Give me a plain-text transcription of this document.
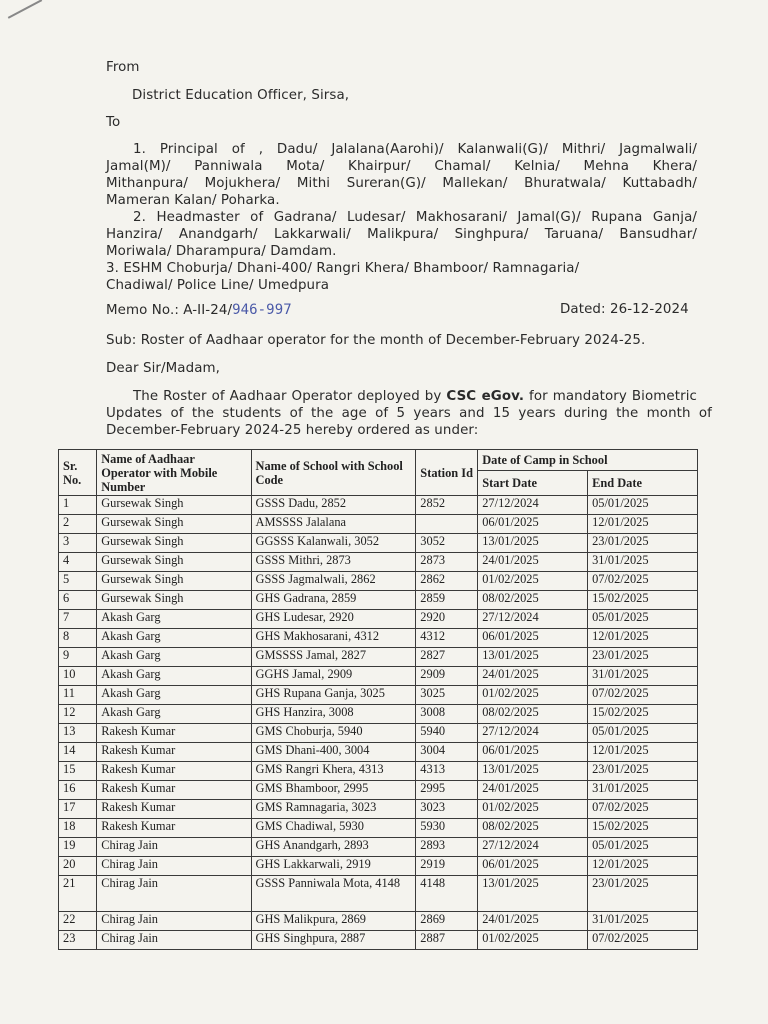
From
District Education Officer, Sirsa,
To
1. Principal of , Dadu/ Jalalana(Aarohi)/ Kalanwali(G)/ Mithri/ Jagmalwali/
Jamal(M)/ Panniwala Mota/ Khairpur/ Chamal/ Kelnia/ Mehna Khera/
Mithanpura/ Mojukhera/ Mithi Sureran(G)/ Mallekan/ Bhuratwala/ Kuttabadh/
Mameran Kalan/ Poharka.
2. Headmaster of Gadrana/ Ludesar/ Makhosarani/ Jamal(G)/ Rupana Ganja/
Hanzira/ Anandgarh/ Lakkarwali/ Malikpura/ Singhpura/ Taruana/ Bansudhar/
Moriwala/ Dharampura/ Damdam.
3. ESHM Choburja/ Dhani-400/ Rangri Khera/ Bhamboor/ Ramnagaria/
Chadiwal/ Police Line/ Umedpura
Memo No.: A-II-24/946-997	Dated: 26-12-2024
Sub: Roster of Aadhaar operator for the month of December-February 2024-25.
Dear Sir/Madam,
The Roster of Aadhaar Operator deployed by CSC eGov. for mandatory Biometric
Updates of the students of the age of 5 years and 15 years during the month of
December-February 2024-25 hereby ordered as under:
Sr. No.	Name of Aadhaar Operator with Mobile Number	Name of School with School Code	Station Id	Date of Camp in School	
				Start Date	End Date
1	Gursewak Singh	GSSS Dadu, 2852	2852	27/12/2024	05/01/2025
2	Gursewak Singh	AMSSSS Jalalana		06/01/2025	12/01/2025
3	Gursewak Singh	GGSSS Kalanwali, 3052	3052	13/01/2025	23/01/2025
4	Gursewak Singh	GSSS Mithri, 2873	2873	24/01/2025	31/01/2025
5	Gursewak Singh	GSSS Jagmalwali, 2862	2862	01/02/2025	07/02/2025
6	Gursewak Singh	GHS Gadrana, 2859	2859	08/02/2025	15/02/2025
7	Akash Garg	GHS Ludesar, 2920	2920	27/12/2024	05/01/2025
8	Akash Garg	GHS Makhosarani, 4312	4312	06/01/2025	12/01/2025
9	Akash Garg	GMSSSS Jamal, 2827	2827	13/01/2025	23/01/2025
10	Akash Garg	GGHS Jamal, 2909	2909	24/01/2025	31/01/2025
11	Akash Garg	GHS Rupana Ganja, 3025	3025	01/02/2025	07/02/2025
12	Akash Garg	GHS Hanzira, 3008	3008	08/02/2025	15/02/2025
13	Rakesh Kumar	GMS Choburja, 5940	5940	27/12/2024	05/01/2025
14	Rakesh Kumar	GMS Dhani-400, 3004	3004	06/01/2025	12/01/2025
15	Rakesh Kumar	GMS Rangri Khera, 4313	4313	13/01/2025	23/01/2025
16	Rakesh Kumar	GMS Bhamboor, 2995	2995	24/01/2025	31/01/2025
17	Rakesh Kumar	GMS Ramnagaria, 3023	3023	01/02/2025	07/02/2025
18	Rakesh Kumar	GMS Chadiwal, 5930	5930	08/02/2025	15/02/2025
19	Chirag Jain	GHS Anandgarh, 2893	2893	27/12/2024	05/01/2025
20	Chirag Jain	GHS Lakkarwali, 2919	2919	06/01/2025	12/01/2025
21	Chirag Jain	GSSS Panniwala Mota, 4148	4148	13/01/2025	23/01/2025
22	Chirag Jain	GHS Malikpura, 2869	2869	24/01/2025	31/01/2025
23	Chirag Jain	GHS Singhpura, 2887	2887	01/02/2025	07/02/2025
